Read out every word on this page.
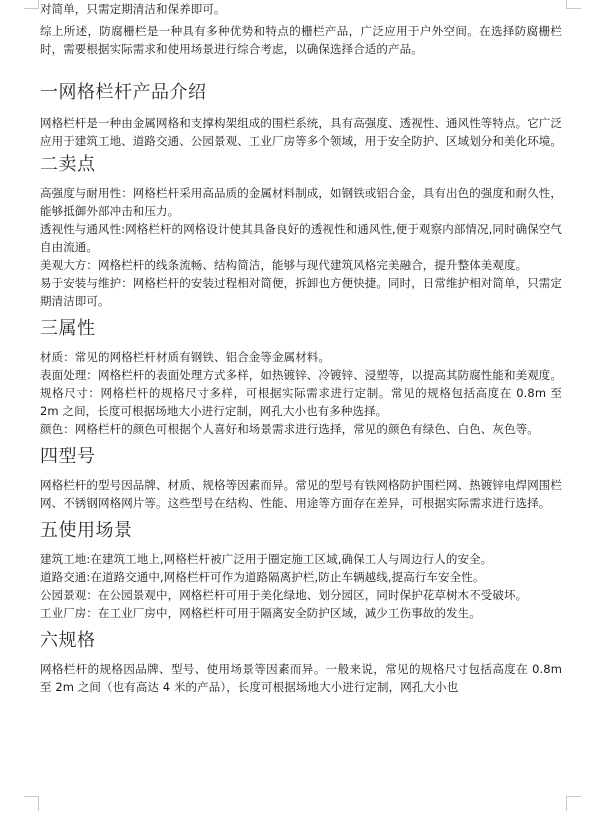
对简单，只需定期清洁和保养即可。

综上所述，防腐栅栏是一种具有多种优势和特点的栅栏产品，广泛应用于户外空间。在选择防腐栅栏时，需要根据实际需求和使用场景进行综合考虑，以确保选择合适的产品。

一网格栏杆产品介绍

网格栏杆是一种由金属网格和支撑构架组成的围栏系统，具有高强度、透视性、通风性等特点。它广泛应用于建筑工地、道路交通、公园景观、工业厂房等多个领域，用于安全防护、区域划分和美化环境。

二卖点

高强度与耐用性：网格栏杆采用高品质的金属材料制成，如钢铁或铝合金，具有出色的强度和耐久性，能够抵御外部冲击和压力。

透视性与通风性:网格栏杆的网格设计使其具备良好的透视性和通风性,便于观察内部情况,同时确保空气自由流通。

美观大方：网格栏杆的线条流畅、结构简洁，能够与现代建筑风格完美融合，提升整体美观度。

易于安装与维护：网格栏杆的安装过程相对简便，拆卸也方便快捷。同时，日常维护相对简单，只需定期清洁即可。

三属性

材质：常见的网格栏杆材质有钢铁、铝合金等金属材料。

表面处理：网格栏杆的表面处理方式多样，如热镀锌、冷镀锌、浸塑等，以提高其防腐性能和美观度。

规格尺寸：网格栏杆的规格尺寸多样，可根据实际需求进行定制。常见的规格包括高度在 0.8m 至 2m 之间，长度可根据场地大小进行定制，网孔大小也有多种选择。

颜色：网格栏杆的颜色可根据个人喜好和场景需求进行选择，常见的颜色有绿色、白色、灰色等。

四型号

网格栏杆的型号因品牌、材质、规格等因素而异。常见的型号有铁网格防护围栏网、热镀锌电焊网围栏网、不锈钢网格网片等。这些型号在结构、性能、用途等方面存在差异，可根据实际需求进行选择。

五使用场景

建筑工地:在建筑工地上,网格栏杆被广泛用于圈定施工区域,确保工人与周边行人的安全。

道路交通:在道路交通中,网格栏杆可作为道路隔离护栏,防止车辆越线,提高行车安全性。

公园景观：在公园景观中，网格栏杆可用于美化绿地、划分园区，同时保护花草树木不受破坏。

工业厂房：在工业厂房中，网格栏杆可用于隔离安全防护区域，减少工伤事故的发生。

六规格

网格栏杆的规格因品牌、型号、使用场景等因素而异。一般来说，常见的规格尺寸包括高度在 0.8m 至 2m 之间（也有高达 4 米的产品），长度可根据场地大小进行定制，网孔大小也
